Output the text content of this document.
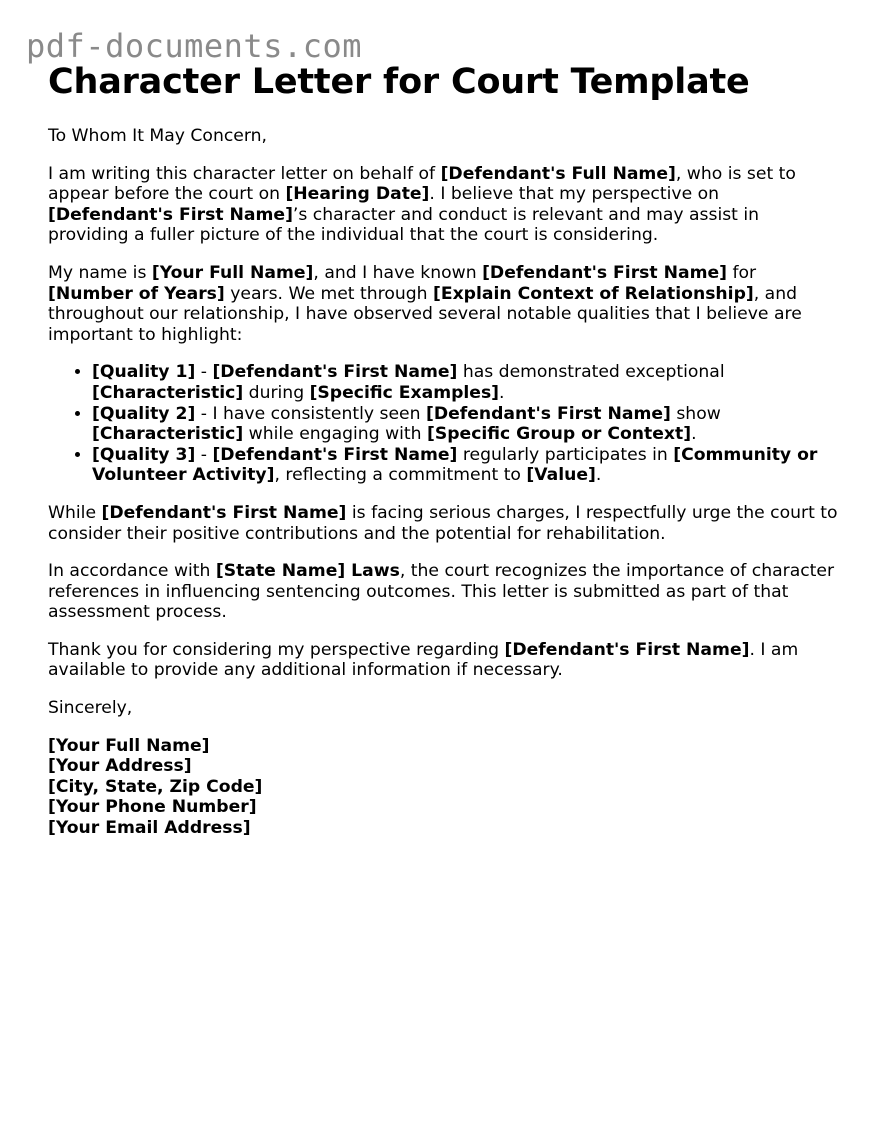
pdf-documents.com
Character Letter for Court Template

To Whom It May Concern,

I am writing this character letter on behalf of [Defendant's Full Name], who is set to appear before the court on [Hearing Date]. I believe that my perspective on [Defendant's First Name]’s character and conduct is relevant and may assist in providing a fuller picture of the individual that the court is considering.

My name is [Your Full Name], and I have known [Defendant's First Name] for [Number of Years] years. We met through [Explain Context of Relationship], and throughout our relationship, I have observed several notable qualities that I believe are important to highlight:

• [Quality 1] - [Defendant's First Name] has demonstrated exceptional [Characteristic] during [Specific Examples].
• [Quality 2] - I have consistently seen [Defendant's First Name] show [Characteristic] while engaging with [Specific Group or Context].
• [Quality 3] - [Defendant's First Name] regularly participates in [Community or Volunteer Activity], reflecting a commitment to [Value].

While [Defendant's First Name] is facing serious charges, I respectfully urge the court to consider their positive contributions and the potential for rehabilitation.

In accordance with [State Name] Laws, the court recognizes the importance of character references in influencing sentencing outcomes. This letter is submitted as part of that assessment process.

Thank you for considering my perspective regarding [Defendant's First Name]. I am available to provide any additional information if necessary.

Sincerely,

[Your Full Name]
[Your Address]
[City, State, Zip Code]
[Your Phone Number]
[Your Email Address]
